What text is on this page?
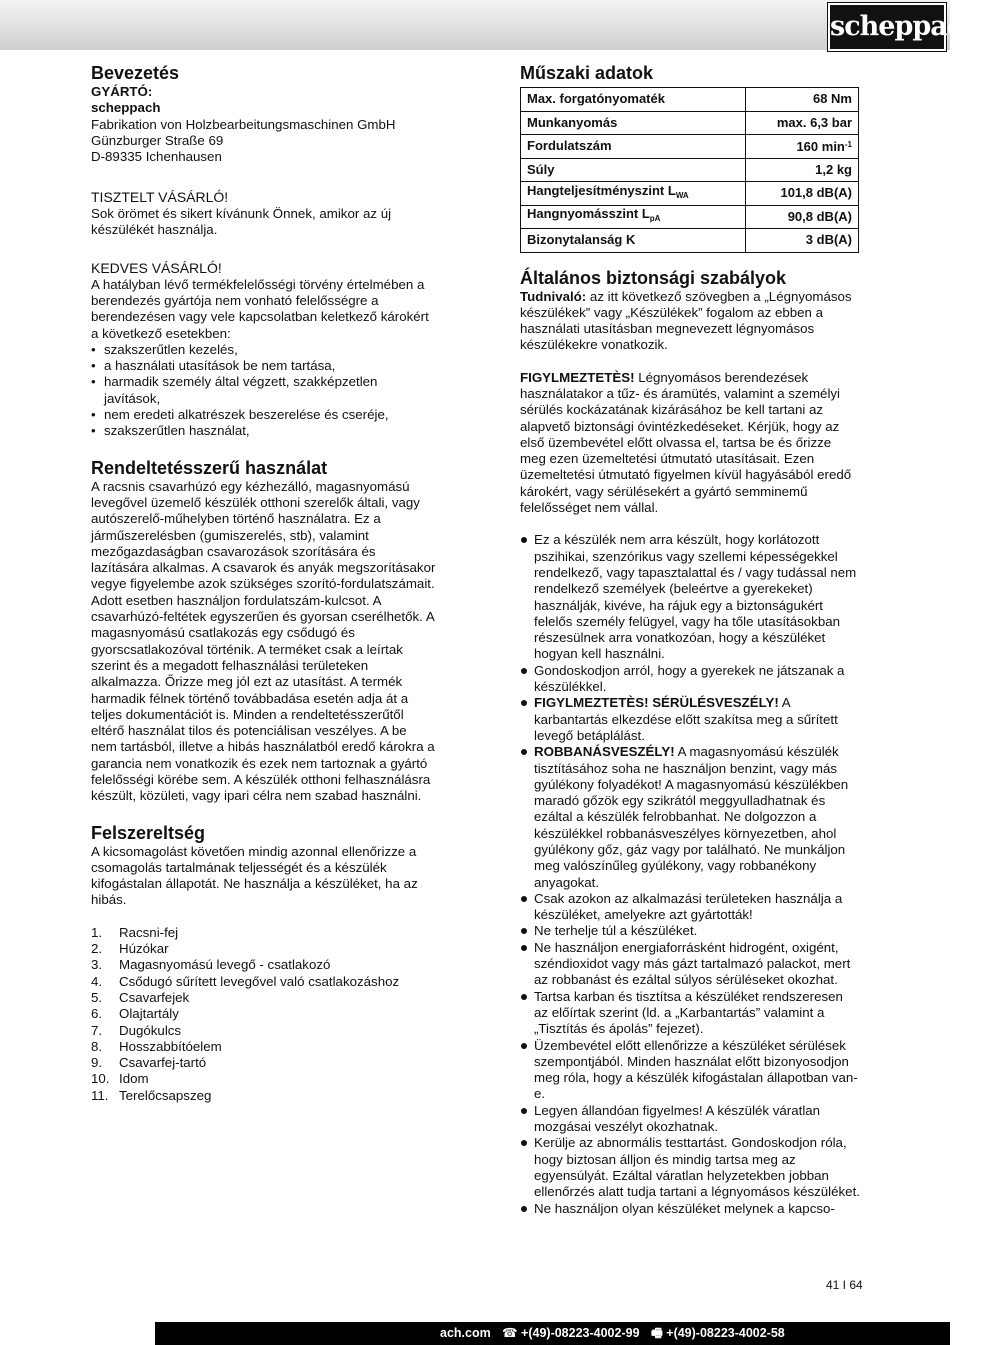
scheppach
Bevezetés

GYÁRTÓ:

scheppach

Fabrikation von Holzbearbeitungsmaschinen GmbH

Günzburger Straße 69

D-89335 Ichenhausen

TISZTELT VÁSÁRLÓ!

Sok örömet és sikert kívánunk Önnek, amikor az új készülékét használja.

KEDVES VÁSÁRLÓ!

A hatályban lévő termékfelelősségi törvény értelmében a berendezés gyártója nem vonható felelősségre a berendezésen vagy vele kapcsolatban keletkező károkért a következő esetekben:

• szakszerűtlen kezelés,
• a használati utasítások be nem tartása,
• harmadik személy által végzett, szakképzetlen javítások,
• nem eredeti alkatrészek beszerelése és cseréje,
• szakszerűtlen használat,
Rendeltetésszerű használat

A racsnis csavarhúzó egy kézhezálló, magasnyomású levegővel üzemelő készülék otthoni szerelők általi, vagy autószerelő-műhelyben történő használatra. Ez a járműszerelésben (gumiszerelés, stb), valamint mezőgazdaságban csavarozások szorítására és lazítására alkalmas. A csavarok és anyák megszorításakor vegye figyelembe azok szükséges szorító-fordulatszámait. Adott esetben használjon fordulatszám-kulcsot. A csavarhúzó-feltétek egyszerűen és gyorsan cserélhetők. A magasnyomású csatlakozás egy csődugó és gyorscsatlakozóval történik. A terméket csak a leírtak szerint és a megadott felhasználási területeken alkalmazza. Őrizze meg jól ezt az utasítást. A termék harmadik félnek történő továbbadása esetén adja át a teljes dokumentációt is. Minden a rendeltetésszerűtől eltérő használat tilos és potenciálisan veszélyes. A be nem tartásból, illetve a hibás használatból eredő károkra a garancia nem vonatkozik és ezek nem tartoznak a gyártó felelősségi körébe sem. A készülék otthoni felhasználásra készült, közületi, vagy ipari célra nem szabad használni.

Felszereltség

A kicsomagolást követően mindig azonnal ellenőrizze a csomagolás tartalmának teljességét és a készülék kifogástalan állapotát. Ne használja a készüléket, ha az hibás.

1.	Racsni-fej
2.	Húzókar
3.	Magasnyomású levegő - csatlakozó
4.	Csődugó sűrített levegővel való csatlakozáshoz
5.	Csavarfejek
6.	Olajtartály
7.	Dugókulcs
8.	Hosszabbítóelem
9.	Csavarfej-tartó
10. Idom
11. Terelőcsapszeg
Műszaki adatok
Max. forgatónyomaték	68 Nm
Munkanyomás	max. 6,3 bar
Fordulatszám	160 $\min^{-1}$
Súly	1,2 kg
Hangteljesítményszint $L_{WA}$	101,8 dB(A)
Hangnyomásszint $L_{pA}$	90,8 dB(A)
Bizonytalanság K	3 dB(A)
Általános biztonsági szabályok

Tudnivaló: az itt következő szövegben a „Légnyomásos készülékek” vagy „Készülékek” fogalom az ebben a használati utasításban megnevezett légnyomásos készülékekre vonatkozik.

FIGYLMEZTETÈS! Légnyomásos berendezések használatakor a tűz- és áramütés, valamint a személyi sérülés kockázatának kizárásához be kell tartani az alapvető biztonsági óvintézkedéseket. Kérjük, hogy az első üzembevétel előtt olvassa el, tartsa be és őrizze meg ezen üzemeltetési útmutató utasításait. Ezen üzemeltetési útmutató figyelmen kívül hagyásából eredő károkért, vagy sérülésekért a gyártó semminemű felelősséget nem vállal.

Ez a készülék nem arra készült, hogy korlátozott pszihikai, szenzórikus vagy szellemi képességekkel rendelkező, vagy tapasztalattal és / vagy tudással nem rendelkező személyek (beleértve a gyerekeket) használják, kivéve, ha rájuk egy a biztonságukért felelős személy felügyel, vagy ha tőle utasításokban részesülnek arra vonatkozóan, hogy a készüléket hogyan kell használni.
Gondoskodjon arról, hogy a gyerekek ne játszanak a készülékkel.
FIGYLMEZTETÈS! SÉRÜLÉSVESZÉLY! A karbantartás elkezdése előtt szakítsa meg a sűrített levegő betáplálást.
ROBBANÁSVESZÉLY! A magasnyomású készülék tisztításához soha ne használjon benzint, vagy más gyúlékony folyadékot! A magasnyomású készülékben maradó gőzök egy szikrától meggyulladhatnak és ezáltal a készülék felrobbanhat. Ne dolgozzon a készülékkel robbanásveszélyes környezetben, ahol gyúlékony gőz, gáz vagy por található. Ne munkáljon meg valószínűleg gyúlékony, vagy robbanékony anyagokat.
Csak azokon az alkalmazási területeken használja a készüléket, amelyekre azt gyártották!
Ne terhelje túl a készüléket.
Ne használjon energiaforrásként hidrogént, oxigént, széndioxidot vagy más gázt tartalmazó palackot, mert az robbanást és ezáltal súlyos sérüléseket okozhat.
Tartsa karban és tisztítsa a készüléket rendszeresen az előírtak szerint (ld. a „Karbantartás” valamint a „Tisztítás és ápolás” fejezet).
Üzembevétel előtt ellenőrizze a készüléket sérülések szempontjából. Minden használat előtt bizonyosodjon meg róla, hogy a készülék kifogástalan állapotban van-e.
Legyen állandóan figyelmes! A készülék váratlan mozgásai veszélyt okozhatnak.
Kerülje az abnormális testtartást. Gondoskodjon róla, hogy biztosan álljon és mindig tartsa meg az egyensúlyát. Ezáltal váratlan helyzetekben jobban ellenőrzés alatt tudja tartani a légnyomásos készüléket.
Ne használjon olyan készüléket melynek a kapcso-
41 I 64
ach.com ☎ +(49)-08223-4002-99 🖷 +(49)-08223-4002-58
